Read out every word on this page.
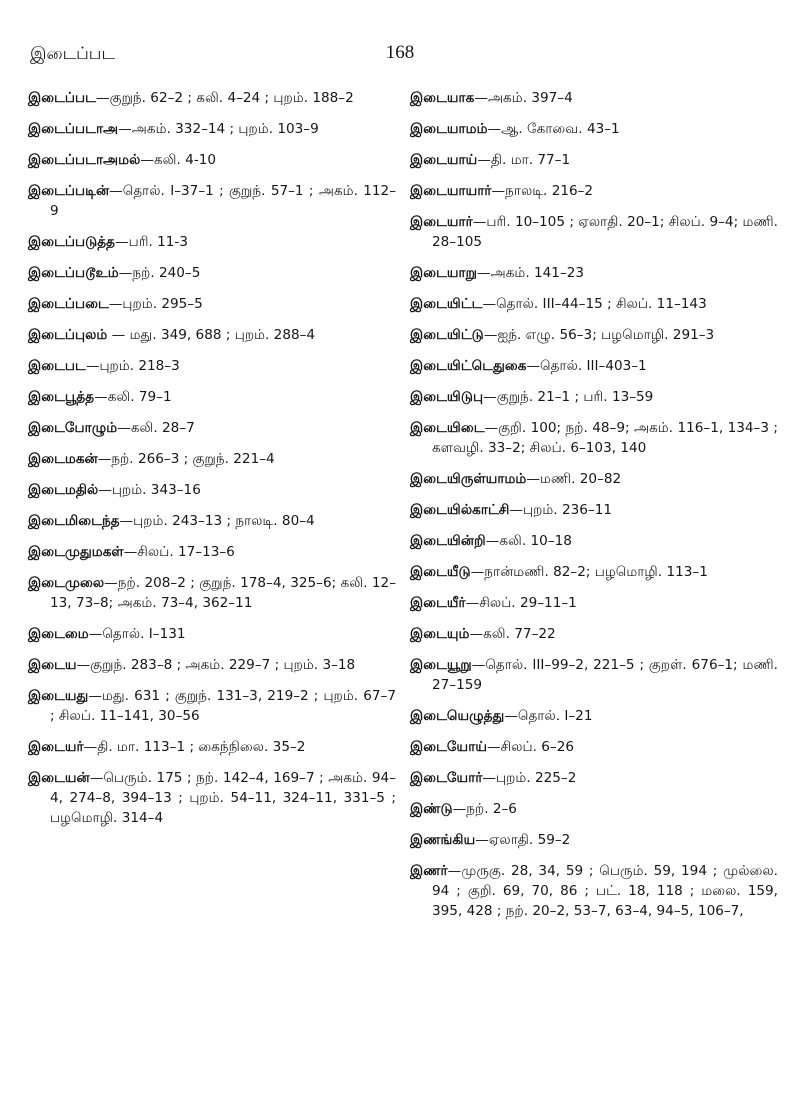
இடைப்பட	168
இடைப்பட—குறுந். 62–2 ; கலி. 4–24 ; புறம். 188–2
இடைப்படாஅ—அகம். 332–14 ; புறம். 103–9
இடைப்படாஅமல்—கலி. 4-10
இடைப்படின்—தொல். I–37–1 ; குறுந். 57–1 ; அகம். 112–9
இடைப்படுத்த—பரி. 11-3
இடைப்படூஉம்—நற். 240–5
இடைப்படை—புறம். 295–5
இடைப்புலம் — மது. 349, 688 ; புறம். 288–4
இடைபட—புறம். 218–3
இடைபூத்த—கலி. 79–1
இடைபோழும்—கலி. 28–7
இடைமகன்—நற். 266–3 ; குறுந். 221–4
இடைமதில்—புறம். 343–16
இடைமிடைந்த—புறம். 243–13 ; நாலடி. 80–4
இடைமுதுமகள்—சிலப். 17–13–6
இடைமுலை—நற். 208–2 ; குறுந். 178–4, 325–6; கலி. 12–13, 73–8; அகம். 73–4, 362–11
இடைமை—தொல். I–131
இடைய—குறுந். 283–8 ; அகம். 229–7 ; புறம். 3–18
இடையது—மது. 631 ; குறுந். 131–3, 219–2 ; புறம். 67–7 ; சிலப். 11–141, 30–56
இடையர்—தி. மா. 113–1 ; கைந்நிலை. 35–2
இடையன்—பெரும். 175 ; நற். 142–4, 169–7 ; அகம். 94–4, 274–8, 394–13 ; புறம். 54–11, 324–11, 331–5 ; பழமொழி. 314–4
இடையாக—அகம். 397–4
இடையாமம்—ஆ. கோவை. 43–1
இடையாய்—தி. மா. 77–1
இடையாயார்—நாலடி. 216–2
இடையார்—பரி. 10–105 ; ஏலாதி. 20–1; சிலப். 9–4; மணி. 28–105
இடையாறு—அகம். 141–23
இடையிட்ட—தொல். III–44–15 ; சிலப். 11–143
இடையிட்டு—ஐந். எழு. 56–3; பழமொழி. 291–3
இடையிட்டெதுகை—தொல். III–403–1
இடையிடுபு—குறுந். 21–1 ; பரி. 13–59
இடையிடை—குறி. 100; நற். 48–9; அகம். 116–1, 134–3 ; களவழி. 33–2; சிலப். 6–103, 140
இடையிருள்யாமம்—மணி. 20–82
இடையில்காட்சி—புறம். 236–11
இடையின்றி—கலி. 10–18
இடையீடு—நான்மணி. 82–2; பழமொழி. 113–1
இடையீர்—சிலப். 29–11–1
இடையும்—கலி. 77–22
இடையூறு—தொல். III–99–2, 221–5 ; குறள். 676–1; மணி. 27–159
இடையெழுத்து—தொல். I–21
இடையோய்—சிலப். 6–26
இடையோர்—புறம். 225–2
இண்டு—நற். 2–6
இணங்கிய—ஏலாதி. 59–2
இணர்—முருகு. 28, 34, 59 ; பெரும். 59, 194 ; முல்லை. 94 ; குறி. 69, 70, 86 ; பட். 18, 118 ; மலை. 159, 395, 428 ; நற். 20–2, 53–7, 63–4, 94–5, 106–7,
